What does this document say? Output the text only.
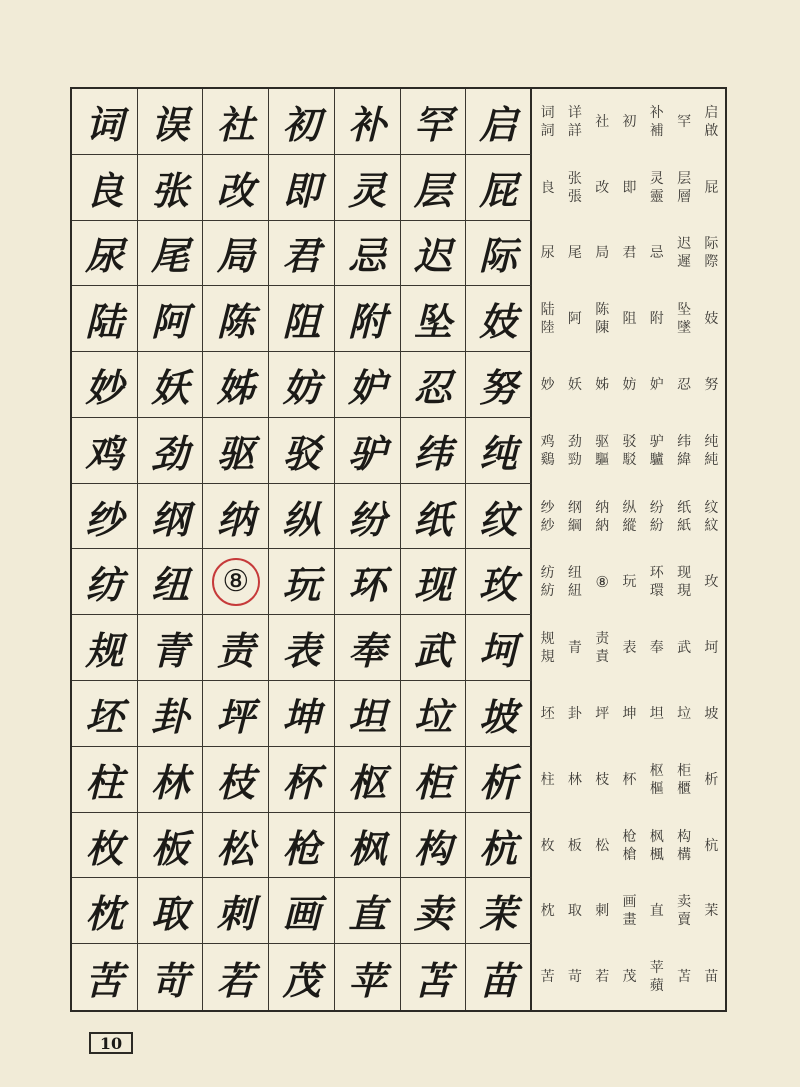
词 误 社 初 补 罕 启
良 张 改 即 灵 层 屁
尿 尾 局 君 忌 迟 际
陆 阿 陈 阻 附 坠 妓
妙 妖 姊 妨 妒 忍 努
鸡 劲 驱 驳 驴 纬 纯
纱 纲 纳 纵 纷 纸 纹
纺 纽	⑧ 玩 环 现 玫
规 青 责 表 奉 武 坷
坯 卦 坪 坤 坦 垃 坡
柱 林 枝 杯 枢 柜 析
枚 板 松 枪 枫 构 杭
枕 取 刺 画 直 卖 茉
苦 苛 若 茂 苹 苫 苗
词
詞
详
詳
社 初
补
補
罕
启
啟
良
张
張
改 即
灵
靈
层
層
屁
尿 尾 局 君 忌
迟
遲
际
際
陆
陸
阿
陈
陳
阻 附
坠
墜
妓
妙 妖 姊 妨 妒 忍 努
鸡
鷄
劲
勁
驱
驅
驳
駁
驴
驢
纬
緯
纯
純
纱
紗
纲
綱
纳
納
纵
縱
纷
紛
纸
紙
纹
紋
纺
紡
纽
紐 ⑧ 玩
环
環
现
現
玫
规
規
青
责
責
表 奉 武 坷
坯 卦 坪 坤 坦 垃 坡
柱 林 枝 杯
枢
樞
柜
櫃
析
枚 板 松
枪
槍
枫
楓
构
構
杭
枕 取 刺
画
畫
直
卖
賣
茉
苦 苛 若 茂
苹
蘋
苫 苗
10
